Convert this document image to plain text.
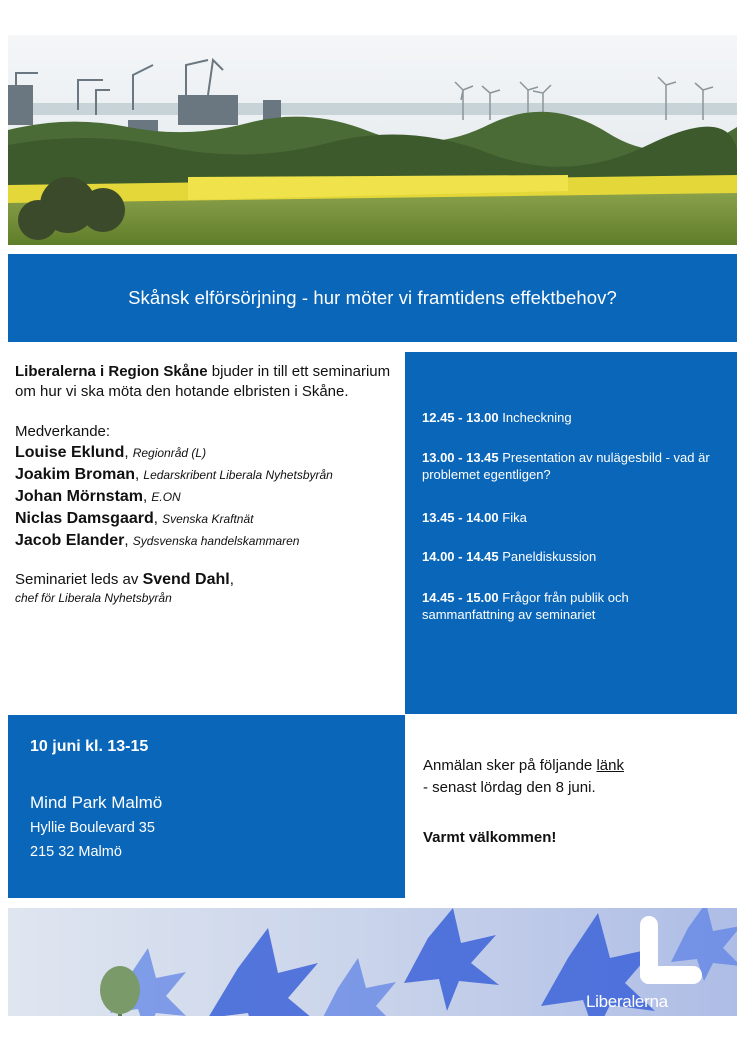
Skånsk elförsörjning - hur möter vi framtidens effektbehov?

Liberalerna i Region Skåne bjuder in till ett seminarium om hur vi ska möta den hotande elbristen i Skåne.

Medverkande:

Louise Eklund, Regionråd (L)
Joakim Broman, Ledarskribent Liberala Nyhetsbyrån
Johan Mörnstam, E.ON
Niclas Damsgaard, Svenska Kraftnät
Jacob Elander, Sydsvenska handelskammaren

Seminariet leds av Svend Dahl,

chef för Liberala Nyhetsbyrån

12.45 - 13.00 Incheckning
13.00 - 13.45 Presentation av nulägesbild - vad är problemet egentligen?
13.45 - 14.00 Fika
14.00 - 14.45 Paneldiskussion
14.45 - 15.00 Frågor från publik och sammanfattning av seminariet
10 juni kl. 13-15
Mind Park Malmö
Hyllie Boulevard 35
215 32 Malmö
Anmälan sker på följande länk
- senast lördag den 8 juni.
Varmt välkommen!
Liberalerna
